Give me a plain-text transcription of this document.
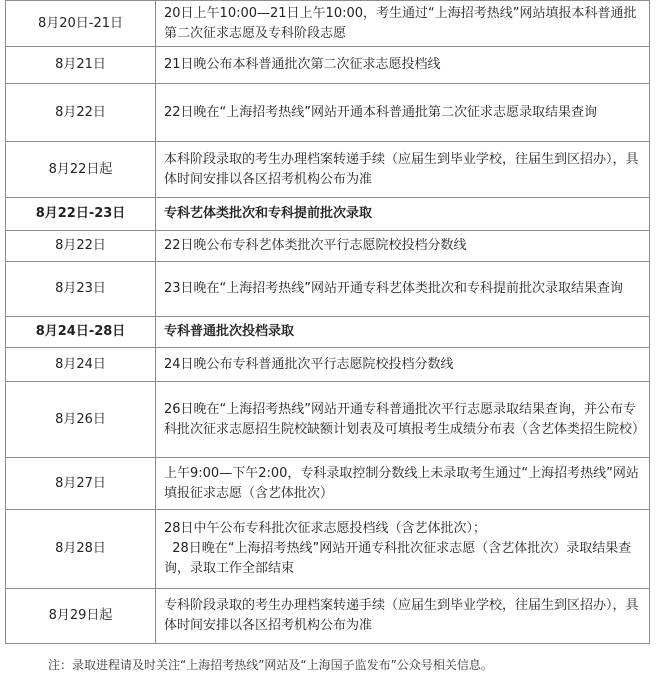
8月20日-21日	20日上午10:00—21日上午10:00，考生通过“上海招考热线”网站填报本科普通批第二次征求志愿及专科阶段志愿

8月21日	21日晚公布本科普通批次第二次征求志愿投档线

8月22日	22日晚在“上海招考热线”网站开通本科普通批第二次征求志愿录取结果查询

8月22日起	本科阶段录取的考生办理档案转递手续（应届生到毕业学校，往届生到区招办），具体时间安排以各区招考机构公布为准

8月22日-23日	专科艺体类批次和专科提前批次录取

8月22日	22日晚公布专科艺体类批次平行志愿院校投档分数线

8月23日	23日晚在“上海招考热线”网站开通专科艺体类批次和专科提前批次录取结果查询

8月24日-28日	专科普通批次投档录取

8月24日	24日晚公布专科普通批次平行志愿院校投档分数线

8月26日	26日晚在“上海招考热线”网站开通专科普通批次平行志愿录取结果查询，并公布专科批次征求志愿招生院校缺额计划表及可填报考生成绩分布表（含艺体类招生院校）

8月27日	上午9:00—下午2:00，专科录取控制分数线上未录取考生通过“上海招考热线”网站填报征求志愿（含艺体批次）

8月28日	28日中午公布专科批次征求志愿投档线（含艺体批次）；
28日晚在“上海招考热线”网站开通专科批次征求志愿（含艺体批次）录取结果查询，录取工作全部结束

8月29日起	专科阶段录取的考生办理档案转递手续（应届生到毕业学校，往届生到区招办），具体时间安排以各区招考机构公布为准
注：录取进程请及时关注“上海招考热线”网站及“上海国子监发布”公众号相关信息。
